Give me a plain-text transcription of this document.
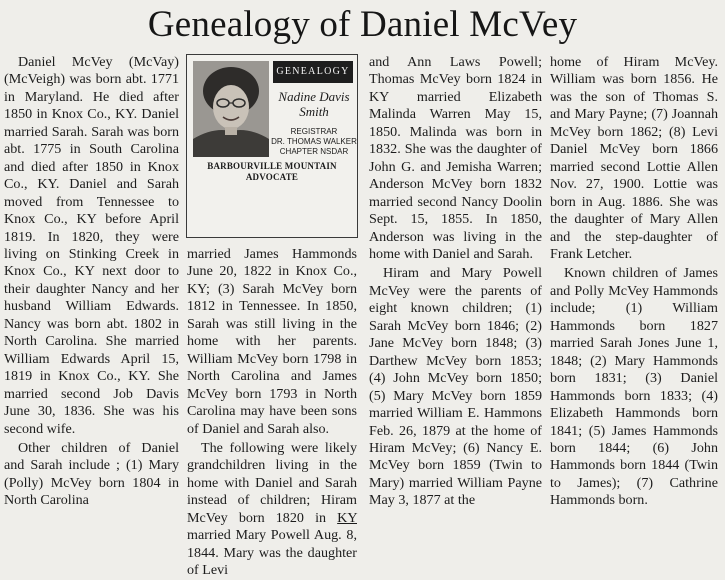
Genealogy of Daniel McVey

Daniel McVey (McVay) (McVeigh) was born abt. 1771 in Maryland. He died after 1850 in Knox Co., KY. Daniel married Sarah. Sarah was born abt. 1775 in South Carolina and died after 1850 in Knox Co., KY. Daniel and Sarah moved from Tennessee to Knox Co., KY before April 1819. In 1820, they were living on Stinking Creek in Knox Co., KY next door to their daughter Nancy and her husband William Edwards. Nancy was born abt. 1802 in North Carolina. She married William Edwards April 15, 1819 in Knox Co., KY. She married second Job Davis June 30, 1836. She was his second wife.

Other children of Daniel and Sarah include ; (1) Mary (Polly) McVey born 1804 in North Carolina

GENEALOGY
Nadine Davis Smith
REGISTRAR
DR. THOMAS WALKER
CHAPTER NSDAR
BARBOURVILLE MOUNTAIN ADVOCATE

married James Hammonds June 20, 1822 in Knox Co., KY; (3) Sarah McVey born 1812 in Tennessee. In 1850, Sarah was still living in the home with her parents. William McVey born 1798 in North Carolina and James McVey born 1793 in North Carolina may have been sons of Daniel and Sarah also.

The following were likely grandchildren living in the home with Daniel and Sarah instead of children; Hiram McVey born 1820 in KY married Mary Powell Aug. 8, 1844. Mary was the daughter of Levi

and Ann Laws Powell; Thomas McVey born 1824 in KY married Elizabeth Malinda Warren May 15, 1850. Malinda was born in 1832. She was the daughter of John G. and Jemisha Warren; Anderson McVey born 1832 married second Nancy Doolin Sept. 15, 1855. In 1850, Anderson was living in the home with Daniel and Sarah.

Hiram and Mary Powell McVey were the parents of eight known children; (1) Sarah McVey born 1846; (2) Jane McVey born 1848; (3) Darthew McVey born 1853; (4) John McVey born 1850; (5) Mary McVey born 1859 married William E. Hammons Feb. 26, 1879 at the home of Hiram McVey; (6) Nancy E. McVey born 1859 (Twin to Mary) married William Payne May 3, 1877 at the

home of Hiram McVey. William was born 1856. He was the son of Thomas S. and Mary Payne; (7) Joannah McVey born 1862; (8) Levi Daniel McVey born 1866 married second Lottie Allen Nov. 27, 1900. Lottie was born in Aug. 1886. She was the daughter of Mary Allen and the step-daughter of Frank Letcher.

Known children of James and Polly McVey Hammonds include; (1) William Hammonds born 1827 married Sarah Jones June 1, 1848; (2) Mary Hammonds born 1831; (3) Daniel Hammonds born 1833; (4) Elizabeth Hammonds born 1841; (5) James Hammonds born 1844; (6) John Hammonds born 1844 (Twin to James); (7) Cathrine Hammonds born.
